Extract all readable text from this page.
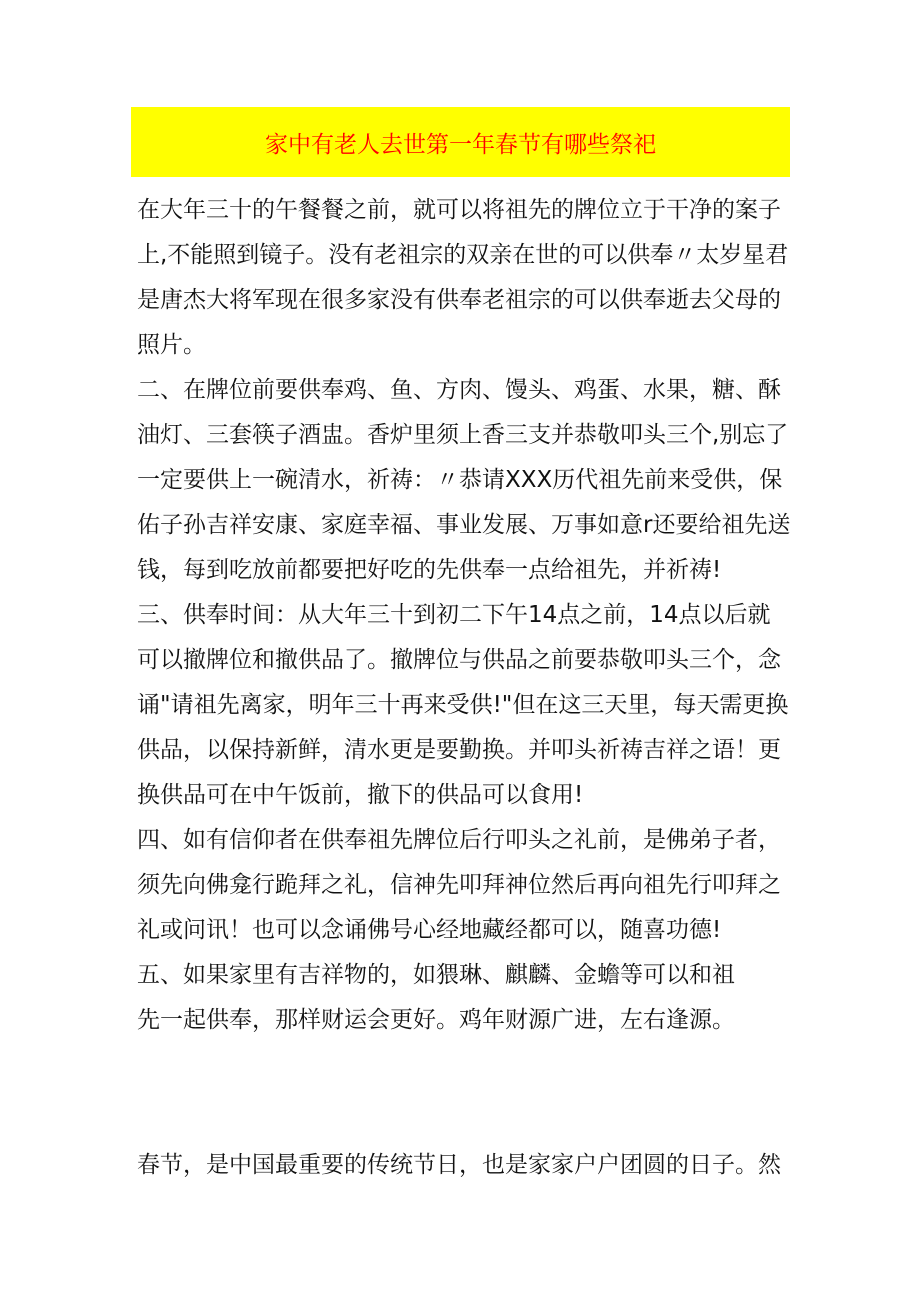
家中有老人去世第一年春节有哪些祭祀
在大年三十的午餐餐之前，就可以将祖先的牌位立于干净的案子
上,不能照到镜子。没有老祖宗的双亲在世的可以供奉〃太岁星君
是唐杰大将军现在很多家没有供奉老祖宗的可以供奉逝去父母的
照片。
二、在牌位前要供奉鸡、鱼、方肉、馒头、鸡蛋、水果，糖、酥
油灯、三套筷子酒盅。香炉里须上香三支并恭敬叩头三个,别忘了
一定要供上一碗清水，祈祷：〃恭请XXX历代祖先前来受供，保
佑子孙吉祥安康、家庭幸福、事业发展、万事如意r还要给祖先送
钱，每到吃放前都要把好吃的先供奉一点给祖先，并祈祷!
三、供奉时间：从大年三十到初二下午14点之前，14点以后就
可以撤牌位和撤供品了。撤牌位与供品之前要恭敬叩头三个，念
诵"请祖先离家，明年三十再来受供!"但在这三天里，每天需更换
供品，以保持新鲜，清水更是要勤换。并叩头祈祷吉祥之语！更
换供品可在中午饭前，撤下的供品可以食用!
四、如有信仰者在供奉祖先牌位后行叩头之礼前，是佛弟子者，
须先向佛龛行跪拜之礼，信神先叩拜神位然后再向祖先行叩拜之
礼或问讯！也可以念诵佛号心经地藏经都可以，随喜功德!
五、如果家里有吉祥物的，如猥琳、麒麟、金蟾等可以和祖
先一起供奉，那样财运会更好。鸡年财源广进，左右逢源。
春节，是中国最重要的传统节日，也是家家户户团圆的日子。然
